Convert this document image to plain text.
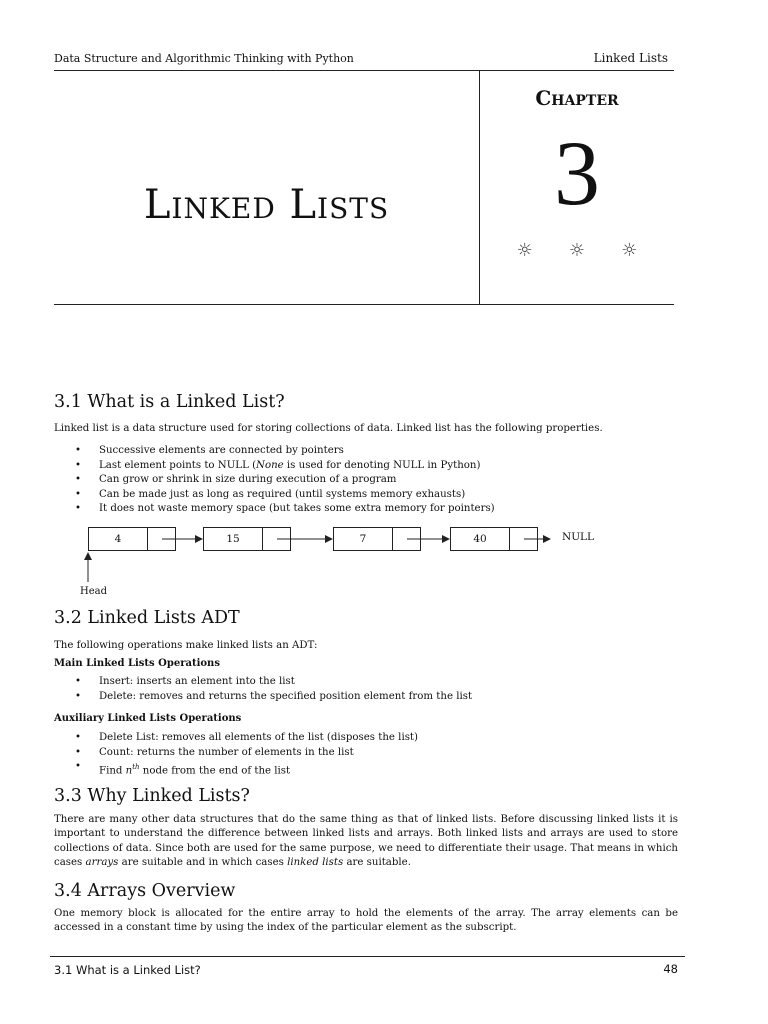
Data Structure and Algorithmic Thinking with Python	Linked Lists
Linked Lists
Chapter
3
☼ ☼ ☼
3.1 What is a Linked List?

Linked list is a data structure used for storing collections of data. Linked list has the following properties.

• Successive elements are connected by pointers
• Last element points to NULL (None is used for denoting NULL in Python)
• Can grow or shrink in size during execution of a program
• Can be made just as long as required (until systems memory exhausts)
• It does not waste memory space (but takes some extra memory for pointers)
4	15	7	40	NULL
Head
3.2 Linked Lists ADT

The following operations make linked lists an ADT:

Main Linked Lists Operations
• Insert: inserts an element into the list
• Delete: removes and returns the specified position element from the list
Auxiliary Linked Lists Operations
• Delete List: removes all elements of the list (disposes the list)
• Count: returns the number of elements in the list
• Find $n^{th}$ node from the end of the list
3.3 Why Linked Lists?

There are many other data structures that do the same thing as that of linked lists. Before discussing linked lists it is important to understand the difference between linked lists and arrays. Both linked lists and arrays are used to store collections of data. Since both are used for the same purpose, we need to differentiate their usage. That means in which cases arrays are suitable and in which cases linked lists are suitable.

3.4 Arrays Overview

One memory block is allocated for the entire array to hold the elements of the array. The array elements can be accessed in a constant time by using the index of the particular element as the subscript.

3.1 What is a Linked List?	48
